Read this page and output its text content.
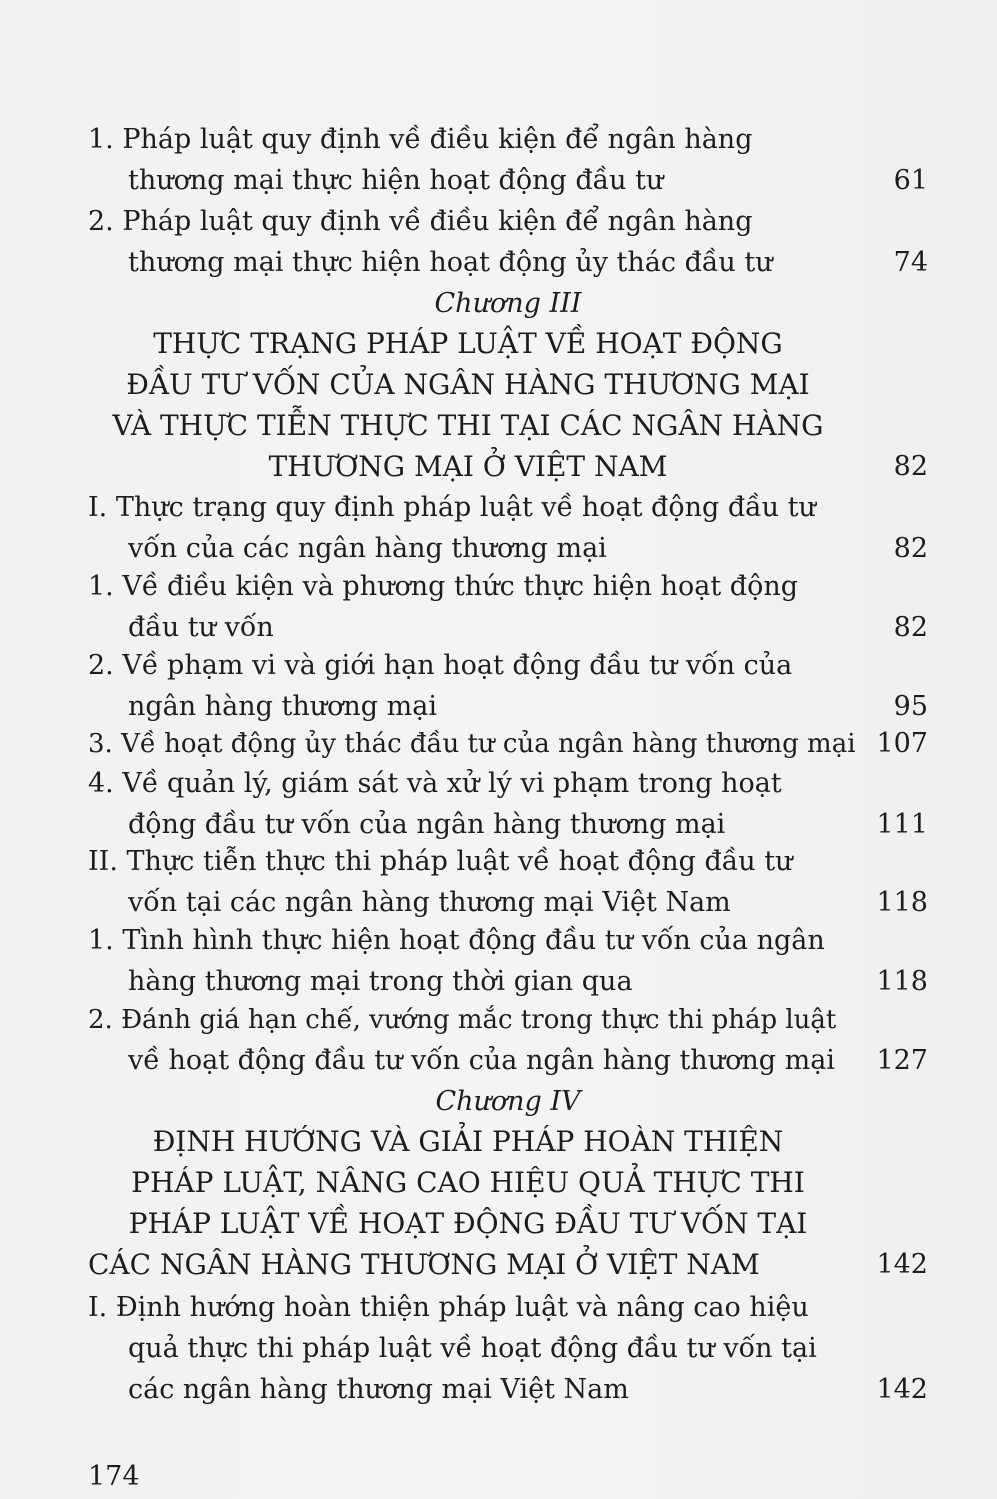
1. Pháp luật quy định về điều kiện để ngân hàng
thương mại thực hiện hoạt động đầu tư	61
2. Pháp luật quy định về điều kiện để ngân hàng
thương mại thực hiện hoạt động ủy thác đầu tư	74
Chương III
THỰC TRẠNG PHÁP LUẬT VỀ HOẠT ĐỘNG
ĐẦU TƯ VỐN CỦA NGÂN HÀNG THƯƠNG MẠI
VÀ THỰC TIỄN THỰC THI TẠI CÁC NGÂN HÀNG
THƯƠNG MẠI Ở VIỆT NAM	82
I. Thực trạng quy định pháp luật về hoạt động đầu tư
vốn của các ngân hàng thương mại	82
1. Về điều kiện và phương thức thực hiện hoạt động
đầu tư vốn	82
2. Về phạm vi và giới hạn hoạt động đầu tư vốn của
ngân hàng thương mại	95
3. Về hoạt động ủy thác đầu tư của ngân hàng thương mại 107
4. Về quản lý, giám sát và xử lý vi phạm trong hoạt
động đầu tư vốn của ngân hàng thương mại	111
II. Thực tiễn thực thi pháp luật về hoạt động đầu tư
vốn tại các ngân hàng thương mại Việt Nam	118
1. Tình hình thực hiện hoạt động đầu tư vốn của ngân
hàng thương mại trong thời gian qua	118
2. Đánh giá hạn chế, vướng mắc trong thực thi pháp luật
về hoạt động đầu tư vốn của ngân hàng thương mại 127
Chương IV
ĐỊNH HƯỚNG VÀ GIẢI PHÁP HOÀN THIỆN
PHÁP LUẬT, NÂNG CAO HIỆU QUẢ THỰC THI
PHÁP LUẬT VỀ HOẠT ĐỘNG ĐẦU TƯ VỐN TẠI
CÁC NGÂN HÀNG THƯƠNG MẠI Ở VIỆT NAM	142
I. Định hướng hoàn thiện pháp luật và nâng cao hiệu
quả thực thi pháp luật về hoạt động đầu tư vốn tại
các ngân hàng thương mại Việt Nam	142
174
